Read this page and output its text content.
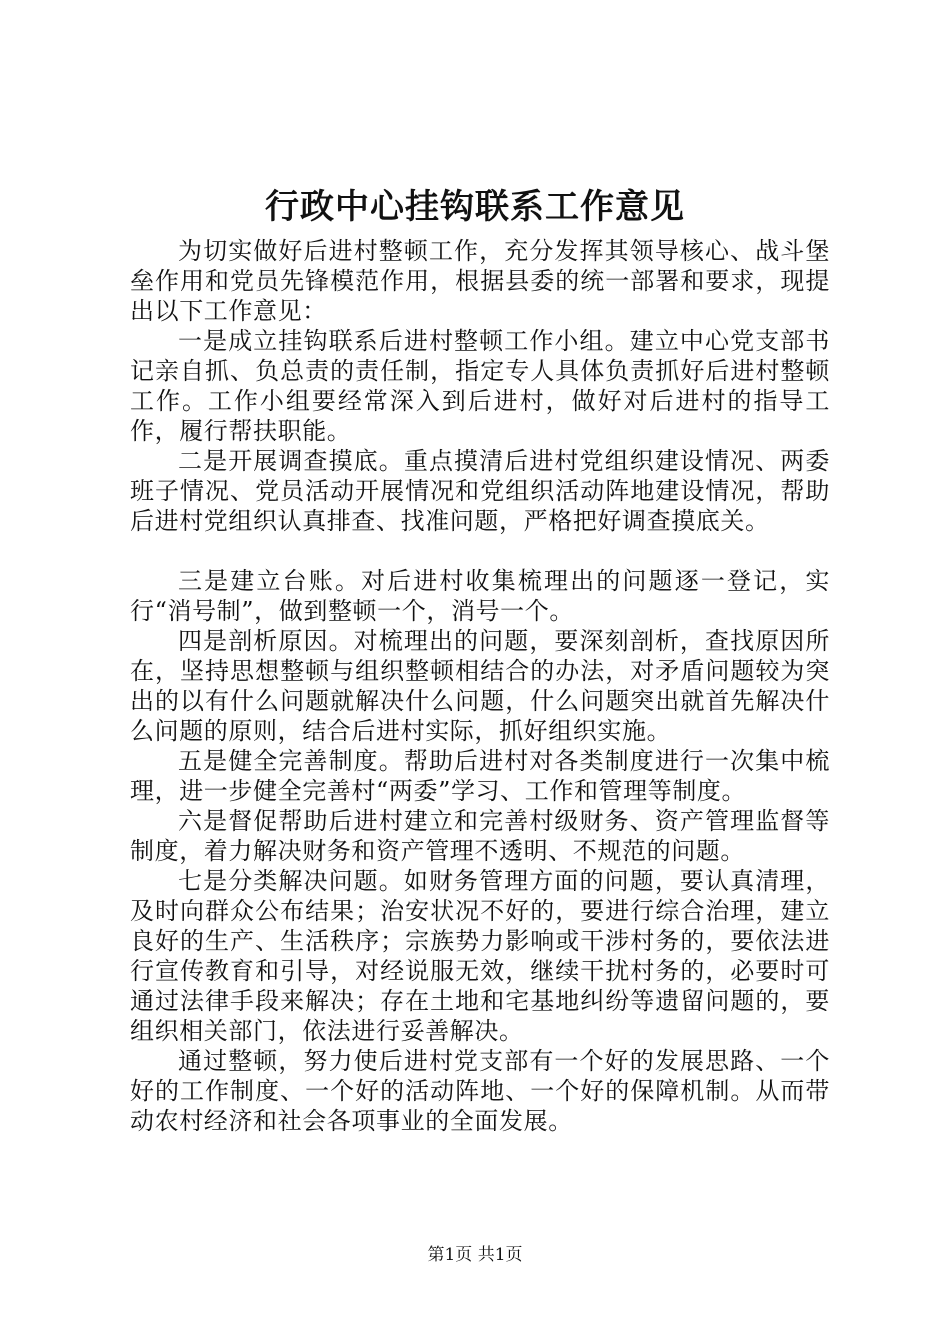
行政中心挂钩联系工作意见

为切实做好后进村整顿工作，充分发挥其领导核心、战斗堡垒作用和党员先锋模范作用，根据县委的统一部署和要求，现提出以下工作意见：

一是成立挂钩联系后进村整顿工作小组。建立中心党支部书记亲自抓、负总责的责任制，指定专人具体负责抓好后进村整顿工作。工作小组要经常深入到后进村，做好对后进村的指导工作，履行帮扶职能。

二是开展调查摸底。重点摸清后进村党组织建设情况、两委班子情况、党员活动开展情况和党组织活动阵地建设情况，帮助后进村党组织认真排查、找准问题，严格把好调查摸底关。

三是建立台账。对后进村收集梳理出的问题逐一登记，实行“消号制”，做到整顿一个，消号一个。

四是剖析原因。对梳理出的问题，要深刻剖析，查找原因所在，坚持思想整顿与组织整顿相结合的办法，对矛盾问题较为突出的以有什么问题就解决什么问题，什么问题突出就首先解决什么问题的原则，结合后进村实际，抓好组织实施。

五是健全完善制度。帮助后进村对各类制度进行一次集中梳理，进一步健全完善村“两委”学习、工作和管理等制度。

六是督促帮助后进村建立和完善村级财务、资产管理监督等制度，着力解决财务和资产管理不透明、不规范的问题。

七是分类解决问题。如财务管理方面的问题，要认真清理，及时向群众公布结果；治安状况不好的，要进行综合治理，建立良好的生产、生活秩序；宗族势力影响或干涉村务的，要依法进行宣传教育和引导，对经说服无效，继续干扰村务的，必要时可通过法律手段来解决；存在土地和宅基地纠纷等遗留问题的，要组织相关部门，依法进行妥善解决。

通过整顿，努力使后进村党支部有一个好的发展思路、一个好的工作制度、一个好的活动阵地、一个好的保障机制。从而带动农村经济和社会各项事业的全面发展。

第1页 共1页
